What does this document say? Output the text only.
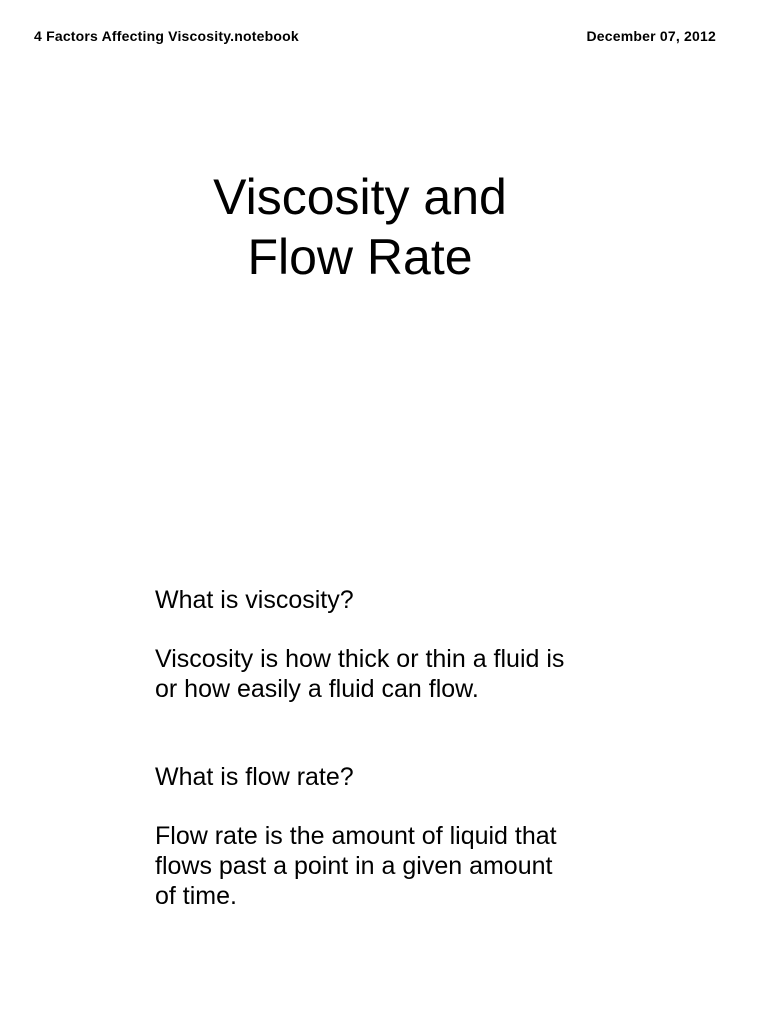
4 Factors Affecting Viscosity.notebook	December 07, 2012
Viscosity and
Flow Rate
What is viscosity?
Viscosity is how thick or thin a fluid is
or how easily a fluid can flow.
What is flow rate?
Flow rate is the amount of liquid that
flows past a point in a given amount
of time.
